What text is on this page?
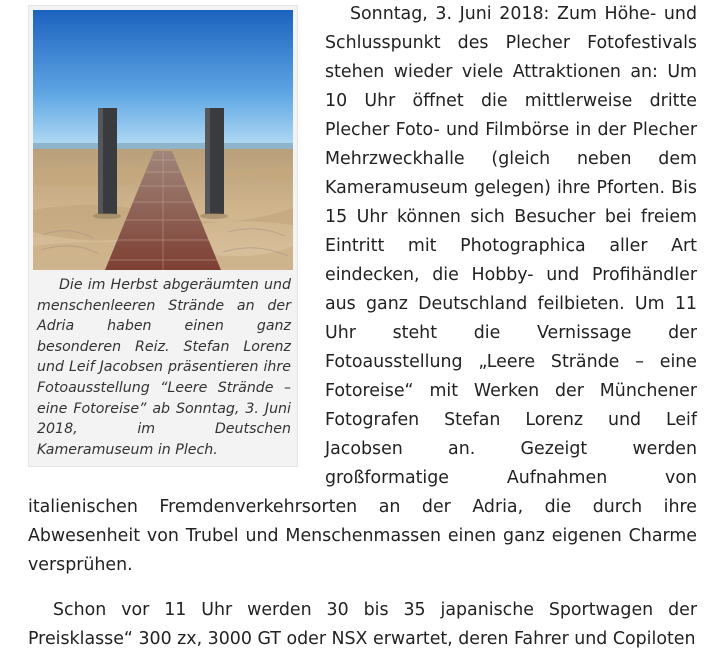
Die im Herbst abgeräumten und menschenleeren Strände an der Adria haben einen ganz besonderen Reiz. Stefan Lorenz und Leif Jacobsen präsentieren ihre Fotoausstellung “Leere Strände – eine Fotoreise” ab Sonntag, 3. Juni 2018, im Deutschen Kameramuseum in Plech.

Sonntag, 3. Juni 2018: Zum Höhe- und Schlusspunkt des Plecher Fotofestivals stehen wieder viele Attraktionen an: Um 10 Uhr öffnet die mittlerweise dritte Plecher Foto- und Filmbörse in der Plecher Mehrzweckhalle (gleich neben dem Kameramuseum gelegen) ihre Pforten. Bis 15 Uhr können sich Besucher bei freiem Eintritt mit Photographica aller Art eindecken, die Hobby- und Profihändler aus ganz Deutschland feilbieten. Um 11 Uhr steht die Vernissage der Fotoausstellung „Leere Strände – eine Fotoreise“ mit Werken der Münchener Fotografen Stefan Lorenz und Leif Jacobsen an. Gezeigt werden großformatige Aufnahmen von italienischen Fremdenverkehrsorten an der Adria, die durch ihre Abwesenheit von Trubel und Menschenmassen einen ganz eigenen Charme versprühen.

Schon vor 11 Uhr werden 30 bis 35 japanische Sportwagen der Preisklasse“ 300 zx, 3000 GT oder NSX erwartet, deren Fahrer und Copiloten
